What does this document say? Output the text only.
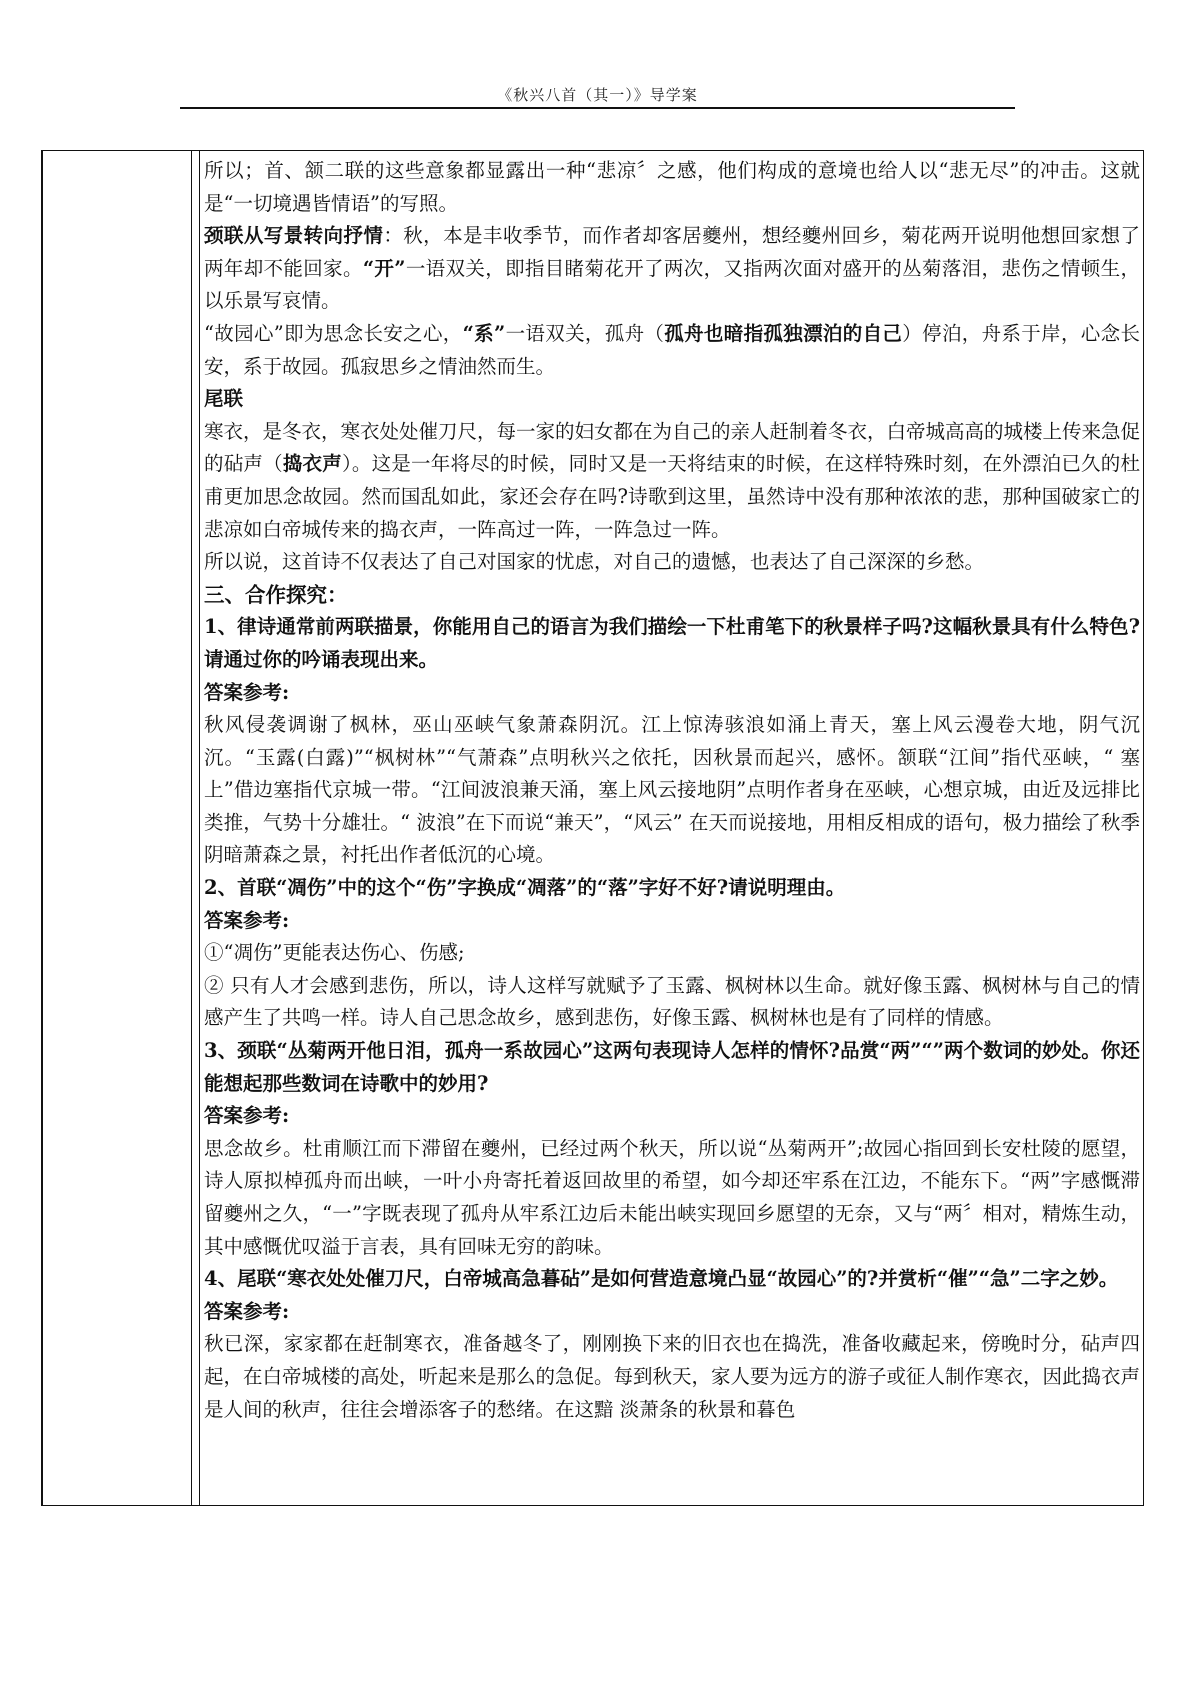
《秋兴八首（其一）》导学案

所以；首、颔二联的这些意象都显露出一种“悲凉〞之感，他们构成的意境也给人以“悲无尽”的冲击。这就是“一切境遇皆情语”的写照。

颈联从写景转向抒情：秋，本是丰收季节，而作者却客居夔州，想经夔州回乡，菊花两开说明他想回家想了两年却不能回家。“开”一语双关，即指目睹菊花开了两次，又指两次面对盛开的丛菊落泪，悲伤之情顿生，以乐景写哀情。

“故园心”即为思念长安之心，“系”一语双关，孤舟（孤舟也暗指孤独漂泊的自己）停泊，舟系于岸，心念长安，系于故园。孤寂思乡之情油然而生。

尾联

寒衣，是冬衣，寒衣处处催刀尺，每一家的妇女都在为自己的亲人赶制着冬衣，白帝城高高的城楼上传来急促的砧声（捣衣声）。这是一年将尽的时候，同时又是一天将结束的时候，在这样特殊时刻，在外漂泊已久的杜甫更加思念故园。然而国乱如此，家还会存在吗?诗歌到这里，虽然诗中没有那种浓浓的悲，那种国破家亡的悲凉如白帝城传来的捣衣声，一阵高过一阵，一阵急过一阵。

所以说，这首诗不仅表达了自己对国家的忧虑，对自己的遗憾，也表达了自己深深的乡愁。

三、合作探究：

1、律诗通常前两联描景，你能用自己的语言为我们描绘一下杜甫笔下的秋景样子吗?这幅秋景具有什么特色?请通过你的吟诵表现出来。

答案参考:

秋风侵袭调谢了枫林，巫山巫峡气象萧森阴沉。江上惊涛骇浪如涌上青天，塞上风云漫卷大地，阴气沉沉。“玉露(白露)”“枫树林”“气萧森”点明秋兴之依托，因秋景而起兴，感怀。颔联“江间”指代巫峡，“ 塞上”借边塞指代京城一带。“江间波浪兼天涌，塞上风云接地阴”点明作者身在巫峡，心想京城，由近及远排比类推，气势十分雄壮。“ 波浪”在下而说“兼天”，“风云” 在天而说接地，用相反相成的语句，极力描绘了秋季阴暗萧森之景，衬托出作者低沉的心境。

2、首联“凋伤”中的这个“伤”字换成“凋落”的“落”字好不好?请说明理由。

答案参考:

①“凋伤”更能表达伤心、伤感;

② 只有人才会感到悲伤，所以，诗人这样写就赋予了玉露、枫树林以生命。就好像玉露、枫树林与自己的情感产生了共鸣一样。诗人自己思念故乡，感到悲伤，好像玉露、枫树林也是有了同样的情感。

3、颈联“丛菊两开他日泪，孤舟一系故园心”这两句表现诗人怎样的情怀?品赏“两”“”两个数词的妙处。你还能想起那些数词在诗歌中的妙用?

答案参考:

思念故乡。杜甫顺江而下滞留在夔州，已经过两个秋天，所以说“丛菊两开”;故园心指回到长安杜陵的愿望，诗人原拟棹孤舟而出峡，一叶小舟寄托着返回故里的希望，如今却还牢系在江边，不能东下。“两”字感慨滞留夔州之久，“一”字既表现了孤舟从牢系江边后未能出峡实现回乡愿望的无奈，又与“两〞相对，精炼生动，其中感慨优叹溢于言表，具有回味无穷的韵味。

4、尾联“寒衣处处催刀尺，白帝城高急暮砧”是如何营造意境凸显“故园心”的?并赏析“催”“急”二字之妙。

答案参考:

秋已深，家家都在赶制寒衣，准备越冬了，刚刚换下来的旧衣也在捣洗，准备收藏起来，傍晚时分，砧声四起，在白帝城楼的高处，听起来是那么的急促。每到秋天，家人要为远方的游子或征人制作寒衣，因此捣衣声是人间的秋声，往往会增添客子的愁绪。在这黯 淡萧条的秋景和暮色
